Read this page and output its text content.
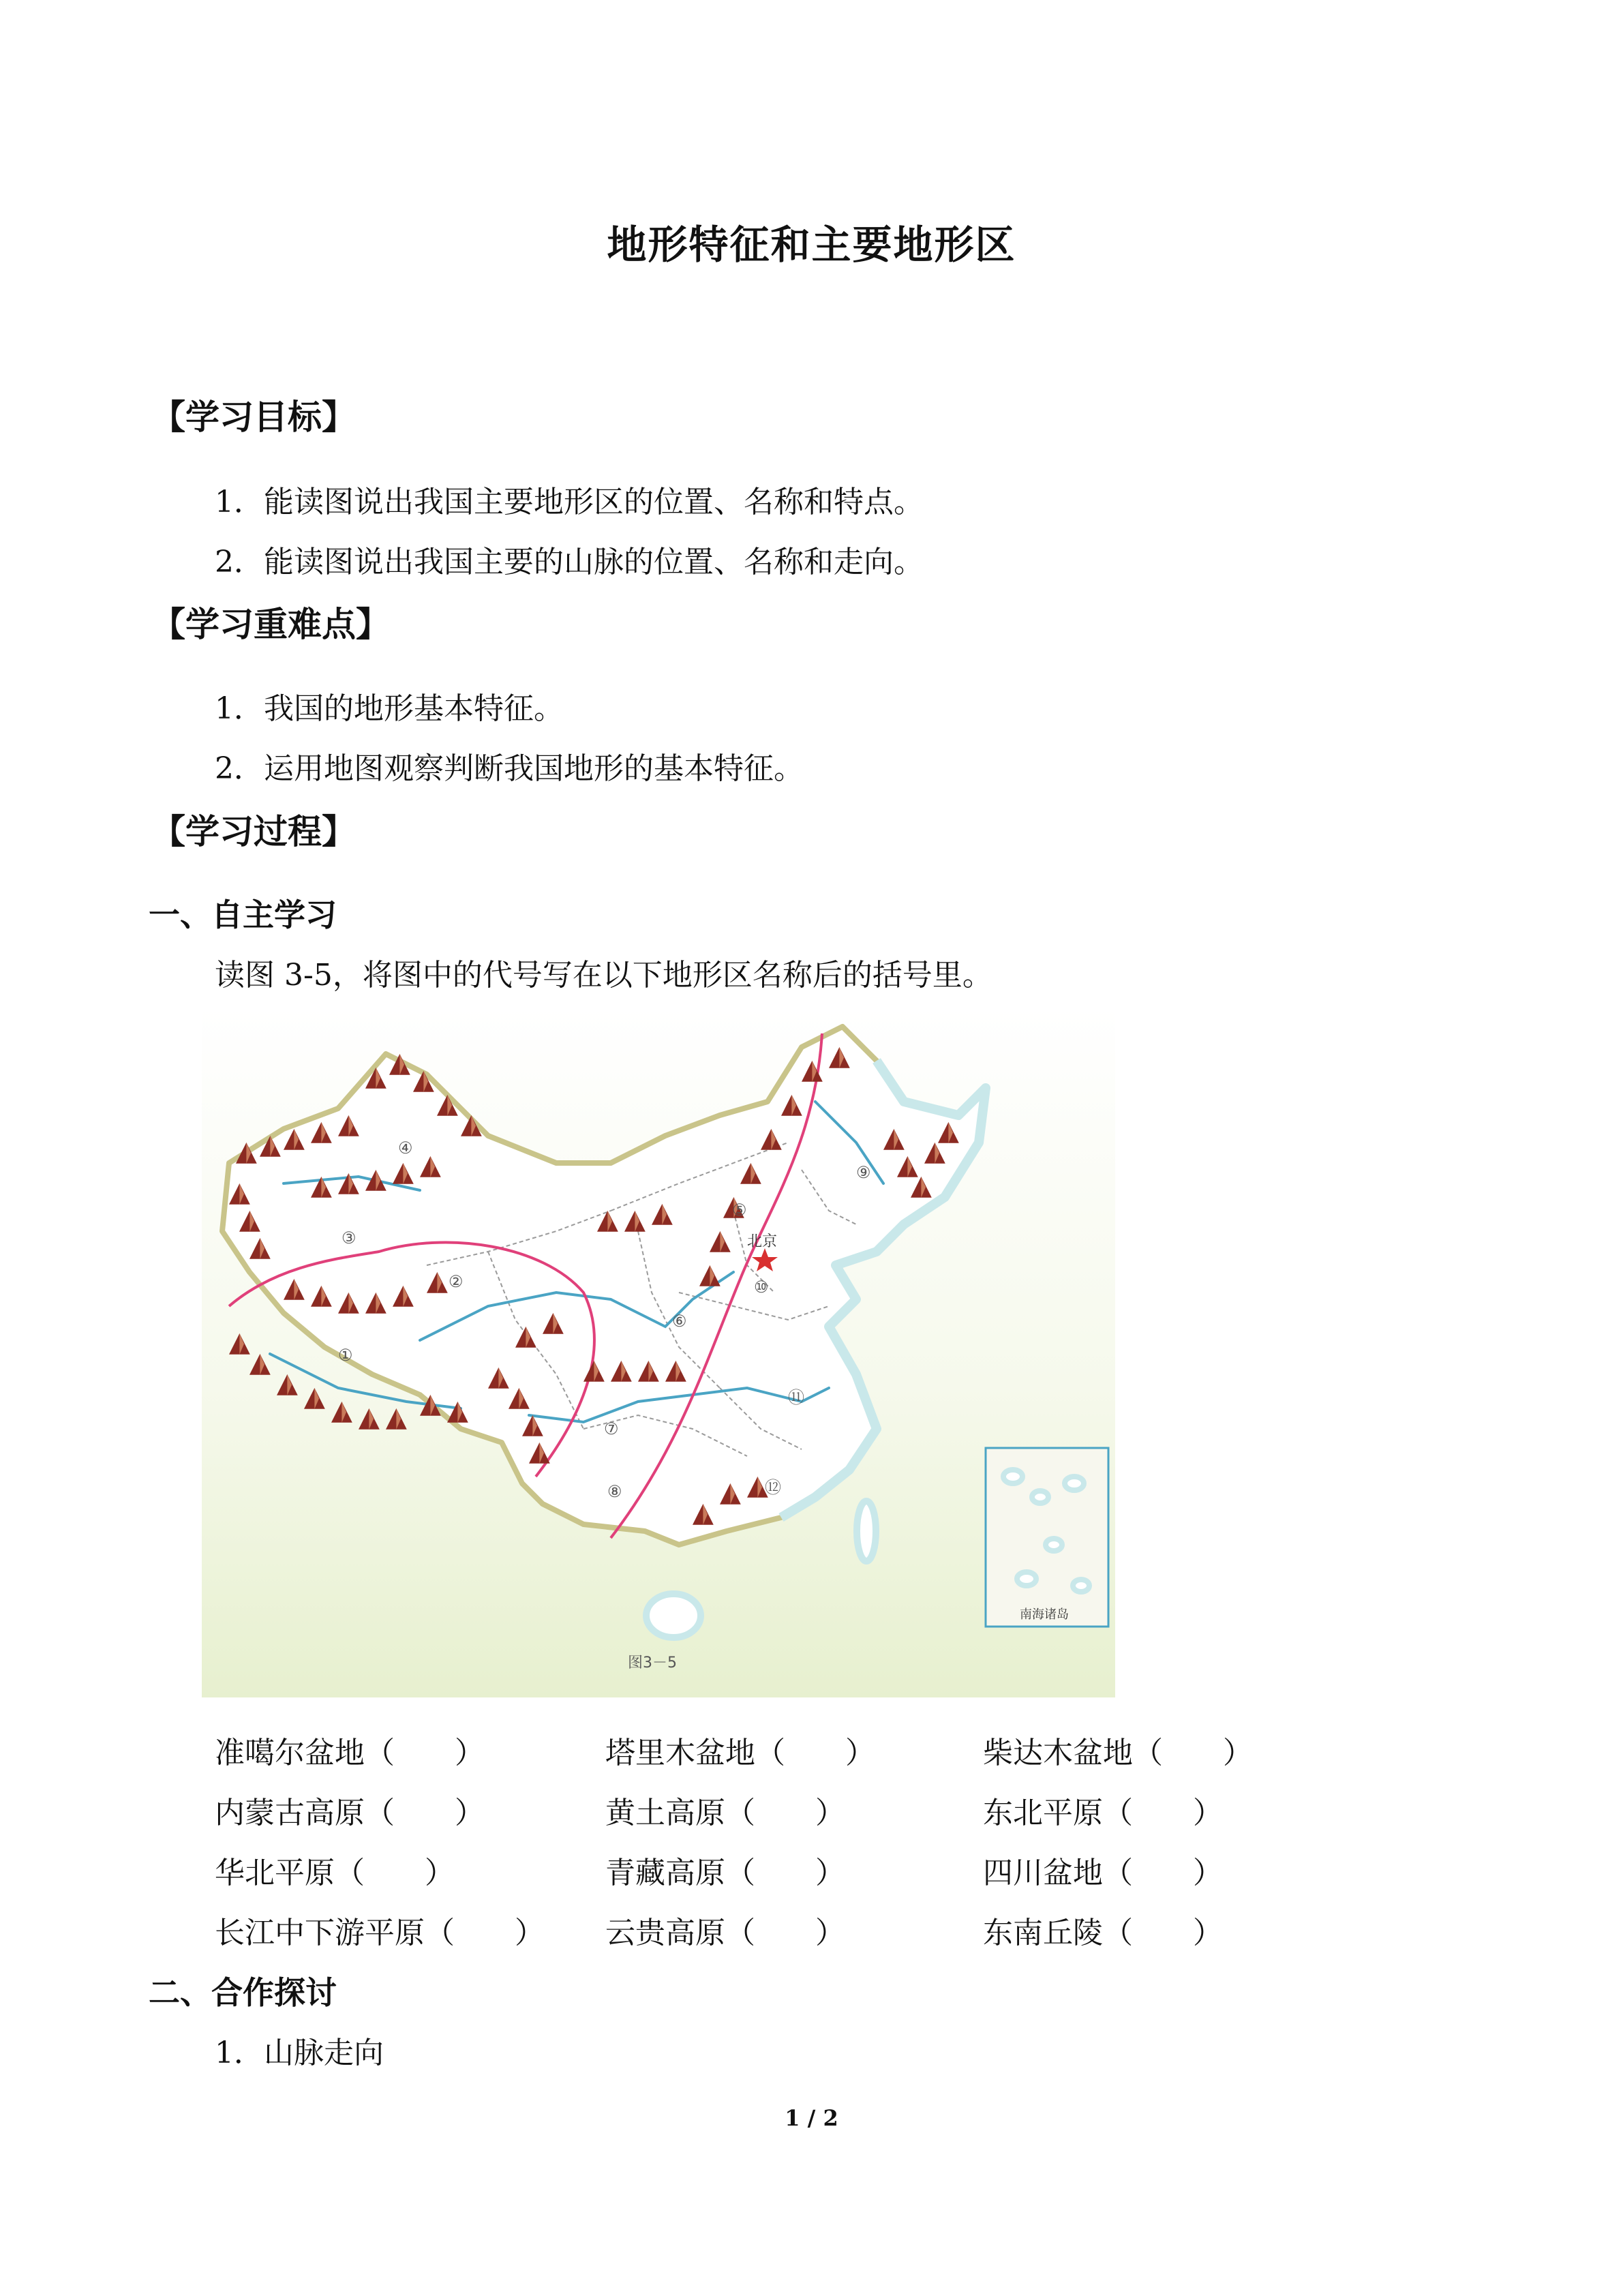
地形特征和主要地形区
【学习目标】
1．能读图说出我国主要地形区的位置、名称和特点。
2．能读图说出我国主要的山脉的位置、名称和走向。
【学习重难点】
1．我国的地形基本特征。
2．运用地图观察判断我国地形的基本特征。
【学习过程】
一、自主学习
读图 3-5，将图中的代号写在以下地形区名称后的括号里。
①
②
③
④
⑤
⑥
⑦
⑧
⑨
⑩
⑪
⑫
北京
南海诸岛
图3－5
准噶尔盆地（　　）	塔里木盆地（　　）	柴达木盆地（　　）
内蒙古高原（　　）	黄土高原（　　）	东北平原（　　）
华北平原（　　）	青藏高原（　　）	四川盆地（　　）
长江中下游平原（　　） 云贵高原（　　）	东南丘陵（　　）
二、合作探讨
1．山脉走向
1 / 2
